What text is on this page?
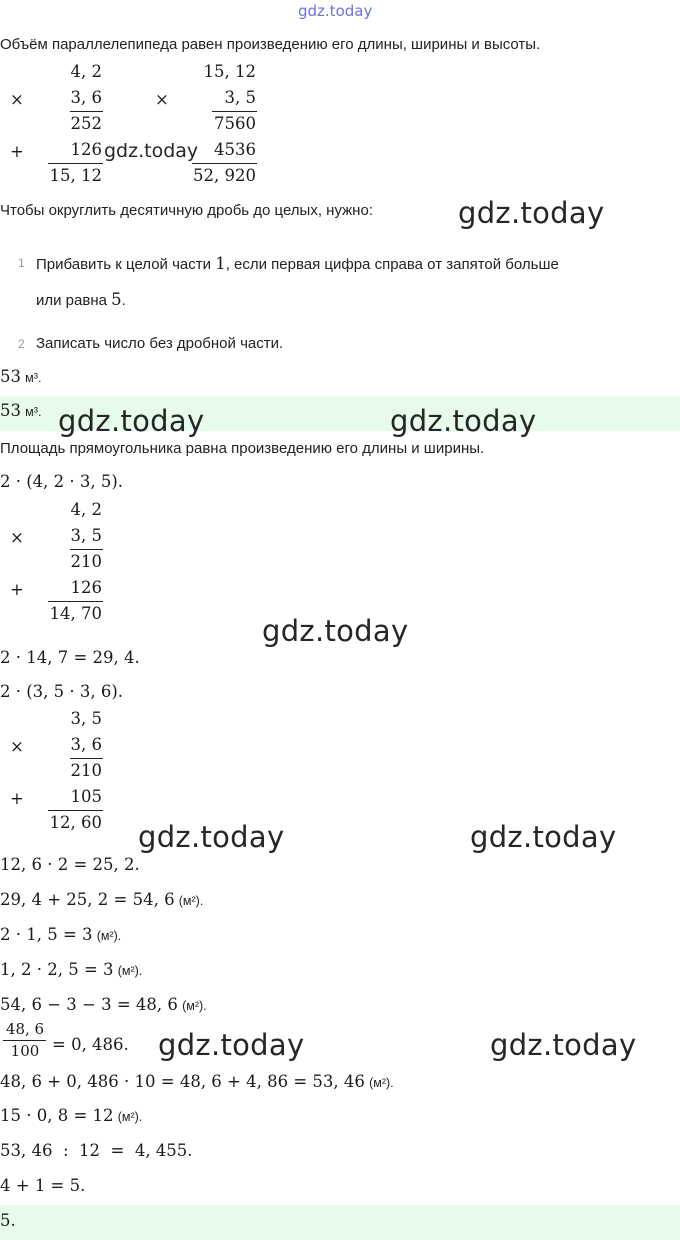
gdz.today
Объём параллелепипеда равен произведению его длины, ширины и высоты.
4, 2
×	3, 6
252
+	126
15, 12
15, 12
×	3, 5
7560
4536
52, 920
gdz.today
Чтобы округлить десятичную дробь до целых, нужно:	gdz.today
1 Прибавить к целой части 1, если первая цифра справа от запятой больше
или равна 5.
2 Записать число без дробной части.
53 м³.
53 м³. gdz.today	gdz.today
Площадь прямоугольника равна произведению его длины и ширины.
2 · (4, 2 · 3, 5).
4, 2
×	3, 5
210
+	126
14, 70
gdz.today
2 · 14, 7 = 29, 4.
2 · (3, 5 · 3, 6).
3, 5
×	3, 6
210
+	105
12, 60 gdz.today	gdz.today
12, 6 · 2 = 25, 2.
29, 4 + 25, 2 = 54, 6 (м²).
2 · 1, 5 = 3 (м²).
1, 2 · 2, 5 = 3 (м²).
54, 6 − 3 − 3 = 48, 6 (м²).
48, 6
100 = 0, 486. gdz.today	gdz.today
48, 6 + 0, 486 · 10 = 48, 6 + 4, 86 = 53, 46 (м²).
15 · 0, 8 = 12 (м²).
53, 46  :  12  =  4, 455.
4 + 1 = 5.
5.
